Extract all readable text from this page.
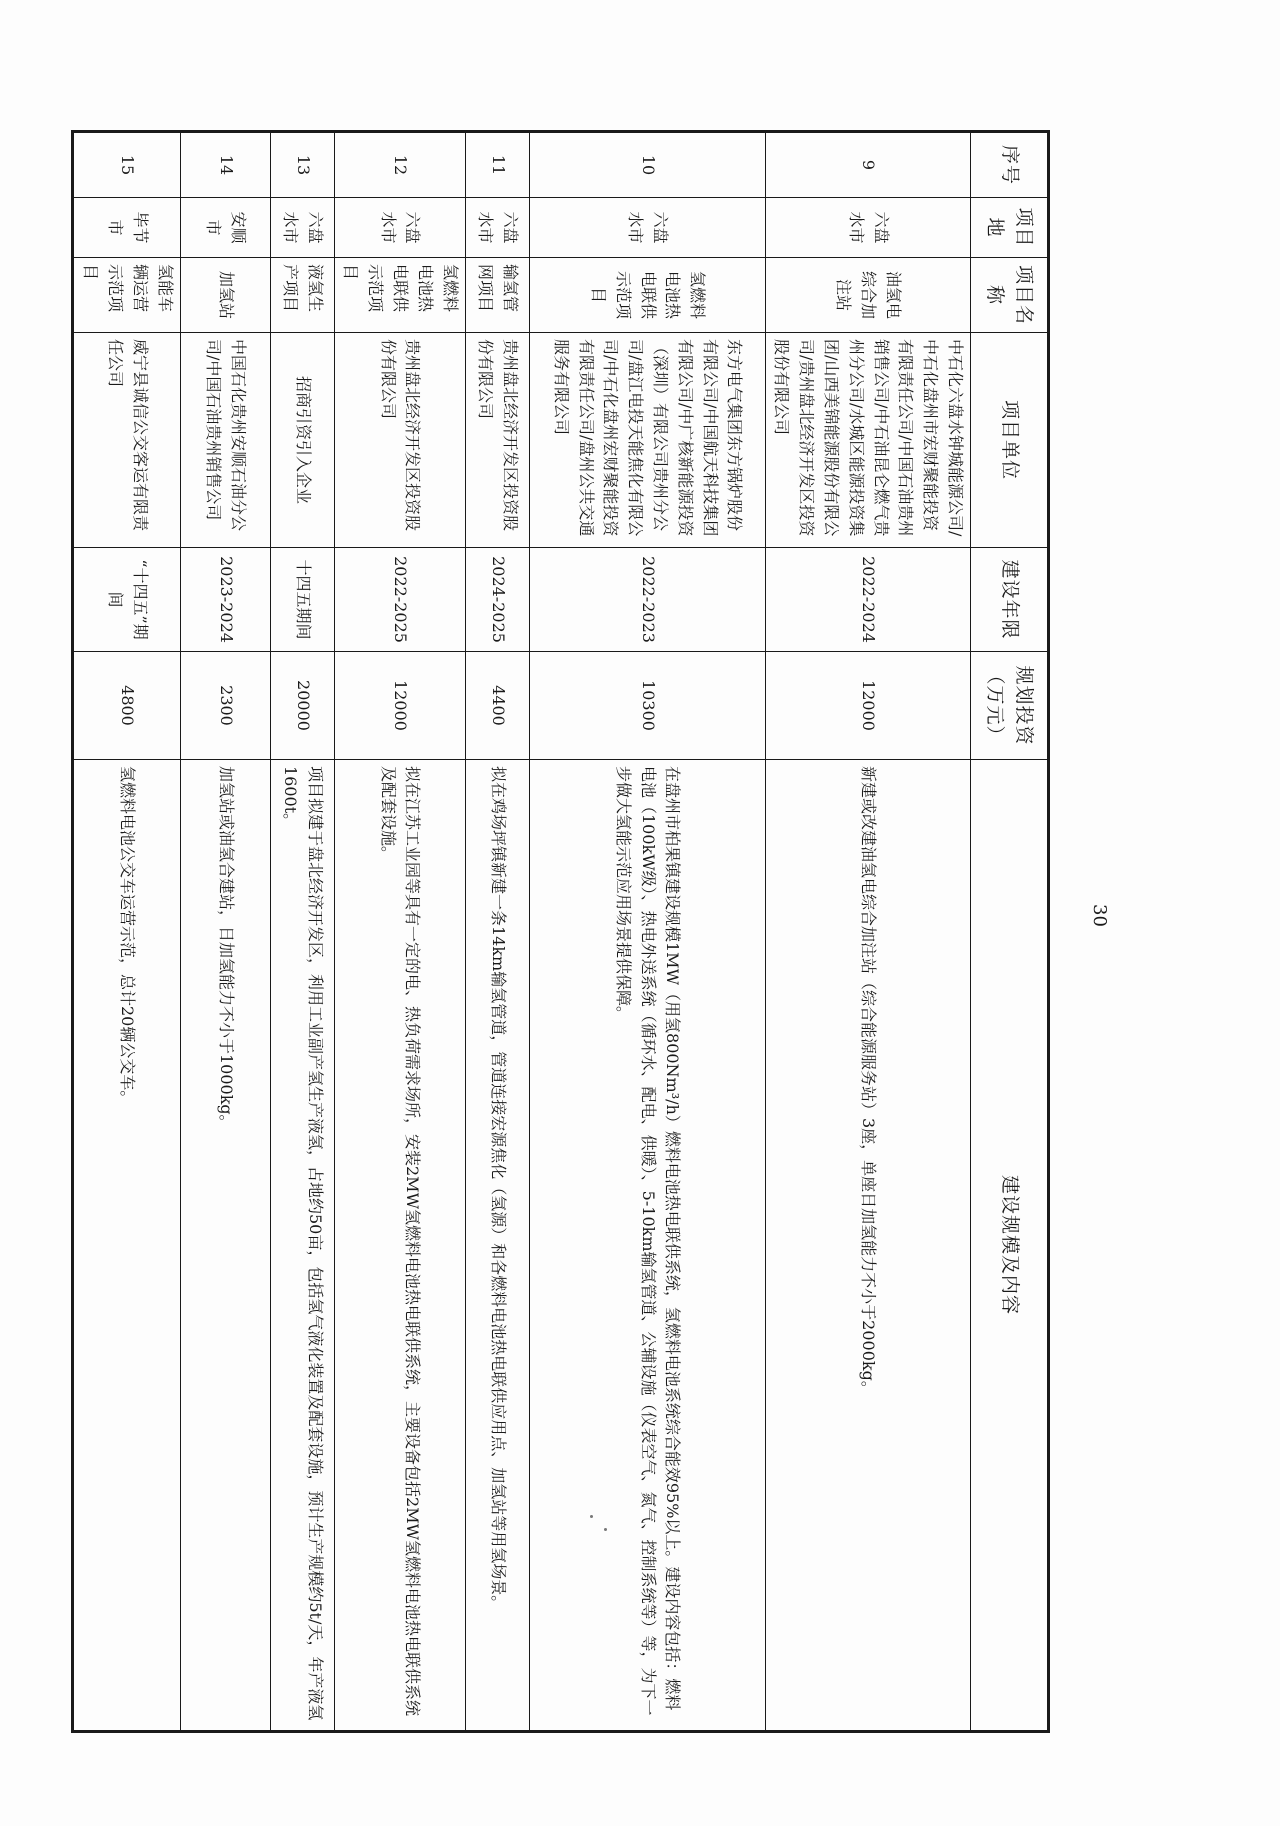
序号	项目地	项目名称	项目单位	建设年限	规划投资（万元）	建设规模及内容
9	六盘水市	油氢电综合加注站	中石化六盘水钟城能源公司/中石化盘州市宏财聚能投资有限责任公司/中国石油贵州销售公司/中石油昆仑燃气贵州分公司/水城区能源投资集团/山西美锦能源股份有限公司/贵州盘北经济开发区投资股份有限公司	2022-2024	12000	新建或改建油氢电综合加注站（综合能源服务站）3座，单座日加氢能力不小于2000kg。
10	六盘水市	氢燃料电池热电联供示范项目	东方电气集团东方锅炉股份有限公司/中国航天科技集团有限公司/中广核新能源投资（深圳）有限公司贵州分公司/盘江电投天能焦化有限公司/中石化盘州宏财聚能投资有限责任公司/盘州公共交通服务有限公司	2022-2023	10300	在盘州市柏果镇建设规模1MW（用氢800Nm³/h）燃料电池热电联供系统，氢燃料电池系统综合能效95%以上。建设内容包括：燃料电池（100kW级）、热电外送系统（循环水、配电、供暖）、5-10km输氢管道、公辅设施（仪表空气、氮气、控制系统等）等，为下一步做大氢能示范应用场景提供保障。
11	六盘水市	输氢管网项目	贵州盘北经济开发区投资股份有限公司	2024-2025	4400	拟在鸡场坪镇新建一条14km输氢管道，管道连接宏源焦化（氢源）和各燃料电池热电联供应用点、加氢站等用氢场景。
12	六盘水市	氢燃料电池热电联供示范项目	贵州盘北经济开发区投资股份有限公司	2022-2025	12000	拟在江苏工业园等具有一定的电、热负荷需求场所，安装2MW氢燃料电池热电联供系统，主要设备包括2MW氢燃料电池热电联供系统及配套设施。
13	六盘水市	液氢生产项目	招商引资引入企业	十四五期间	20000	项目拟建于盘北经济开发区，利用工业副产氢生产液氢，占地约50亩，包括氢气液化装置及配套设施，预计生产规模约5t/天，年产液氢1600t。
14	安顺市	加氢站	中国石化贵州安顺石油分公司/中国石油贵州销售公司	2023-2024	2300	加氢站或油氢合建站，日加氢能力不小于1000kg。
15	毕节市	氢能车辆运营示范项目	威宁县诚信公交客运有限责任公司	“十四五”期间	4800	氢燃料电池公交车运营示范，总计20辆公交车。	30
